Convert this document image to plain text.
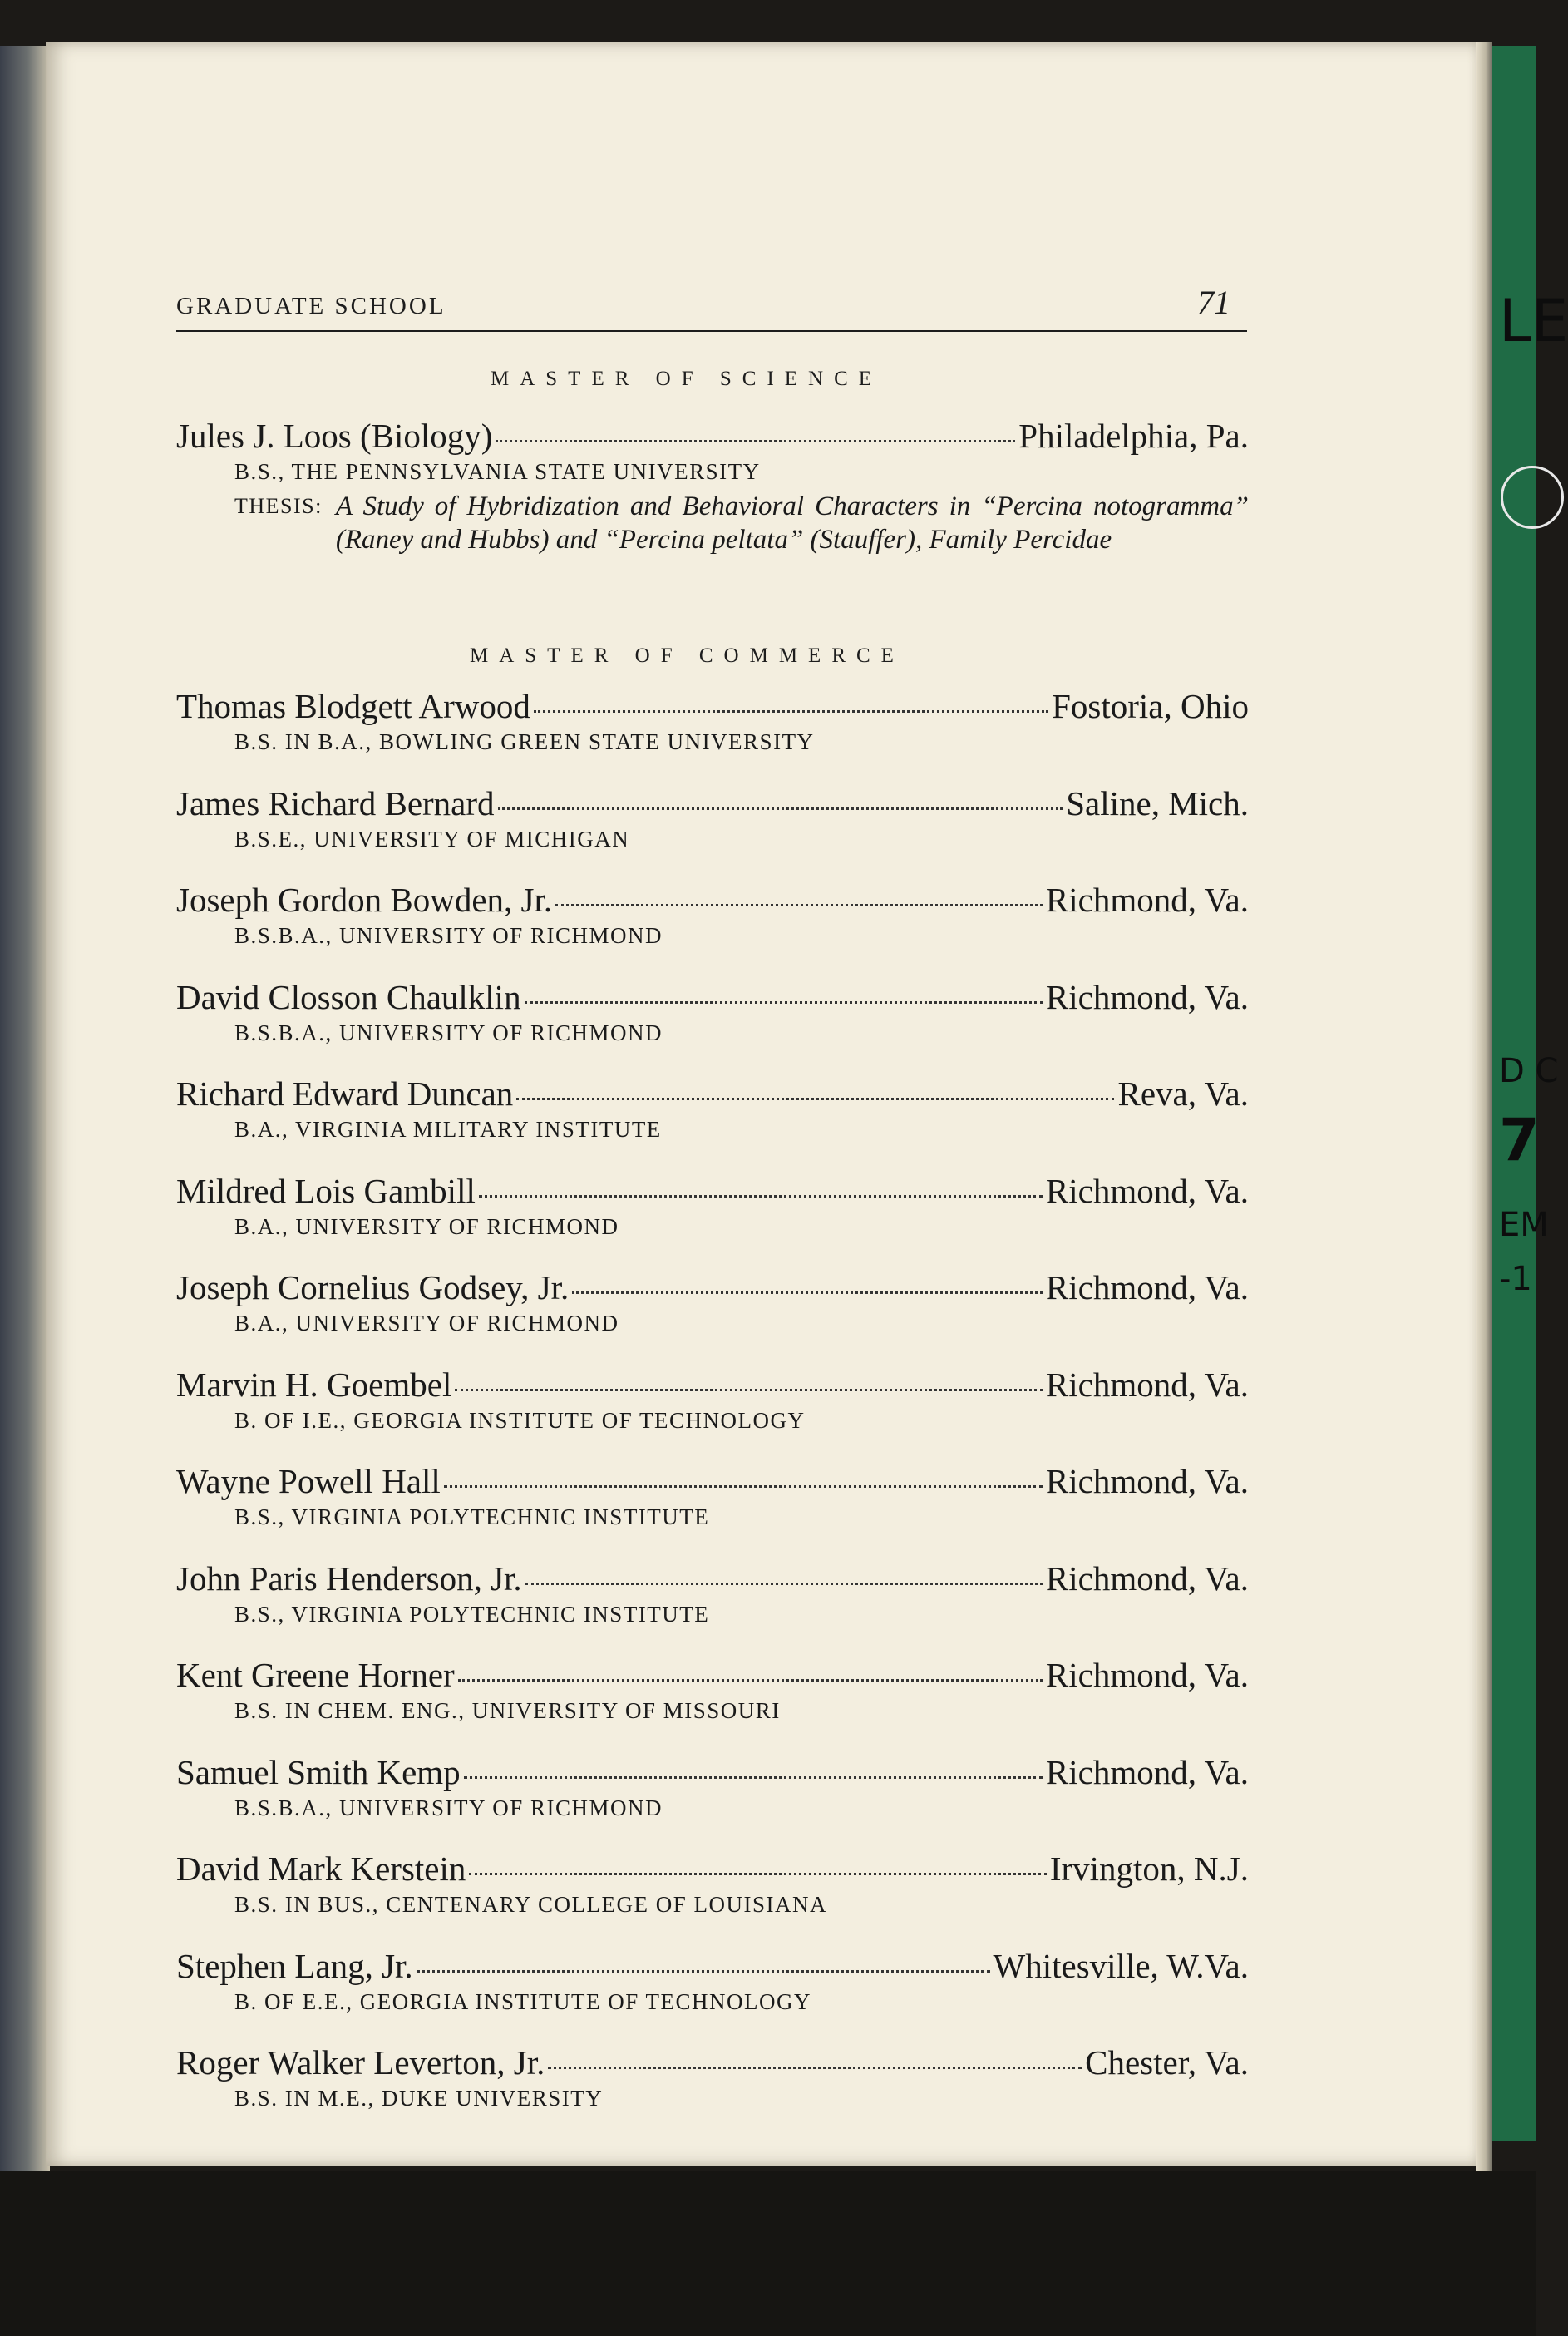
LE
D C
7
EM
-1
GRADUATE SCHOOL	71
MASTER OF SCIENCE
Jules J. Loos (Biology)	Philadelphia, Pa.
B.S., THE PENNSYLVANIA STATE UNIVERSITY
THESIS: A Study of Hybridization and Behavioral Characters in “Percina notogramma” (Raney and Hubbs) and “Percina peltata” (Stauffer), Family Percidae
MASTER OF COMMERCE
Thomas Blodgett Arwood	Fostoria, Ohio
B.S. IN B.A., BOWLING GREEN STATE UNIVERSITY
James Richard Bernard	Saline, Mich.
B.S.E., UNIVERSITY OF MICHIGAN
Joseph Gordon Bowden, Jr.	Richmond, Va.
B.S.B.A., UNIVERSITY OF RICHMOND
David Closson Chaulklin	Richmond, Va.
B.S.B.A., UNIVERSITY OF RICHMOND
Richard Edward Duncan	Reva, Va.
B.A., VIRGINIA MILITARY INSTITUTE
Mildred Lois Gambill	Richmond, Va.
B.A., UNIVERSITY OF RICHMOND
Joseph Cornelius Godsey, Jr.	Richmond, Va.
B.A., UNIVERSITY OF RICHMOND
Marvin H. Goembel	Richmond, Va.
B. OF I.E., GEORGIA INSTITUTE OF TECHNOLOGY
Wayne Powell Hall	Richmond, Va.
B.S., VIRGINIA POLYTECHNIC INSTITUTE
John Paris Henderson, Jr.	Richmond, Va.
B.S., VIRGINIA POLYTECHNIC INSTITUTE
Kent Greene Horner	Richmond, Va.
B.S. IN CHEM. ENG., UNIVERSITY OF MISSOURI
Samuel Smith Kemp	Richmond, Va.
B.S.B.A., UNIVERSITY OF RICHMOND
David Mark Kerstein	Irvington, N.J.
B.S. IN BUS., CENTENARY COLLEGE OF LOUISIANA
Stephen Lang, Jr.	Whitesville, W.Va.
B. OF E.E., GEORGIA INSTITUTE OF TECHNOLOGY
Roger Walker Leverton, Jr.	Chester, Va.
B.S. IN M.E., DUKE UNIVERSITY
